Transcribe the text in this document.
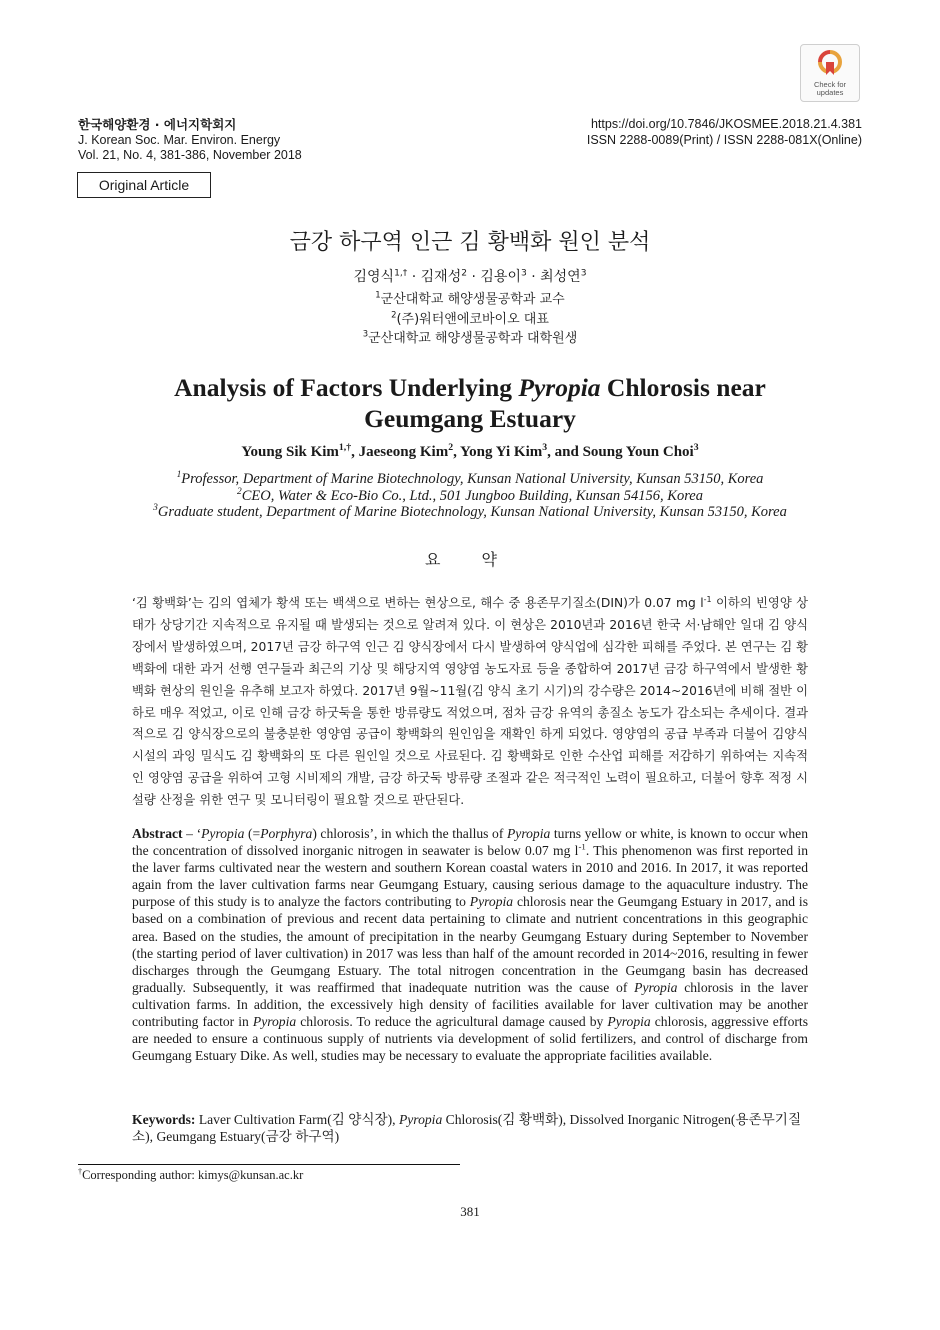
한국해양환경 · 에너지학회지
J. Korean Soc. Mar. Environ. Energy
Vol. 21, No. 4, 381-386, November 2018
https://doi.org/10.7846/JKOSMEE.2018.21.4.381
ISSN 2288-0089(Print) / ISSN 2288-081X(Online)
Check for
updates
Original Article
금강 하구역 인근 김 황백화 원인 분석
김영식$^{1,\dagger}$ · 김재성$^2$ · 김용이$^3$ · 최성연$^3$
$^1$군산대학교 해양생물공학과 교수
$^2$(주)워터앤에코바이오 대표
$^3$군산대학교 해양생물공학과 대학원생
Analysis of Factors Underlying Pyropia Chlorosis near
Geumgang Estuary
Young Sik Kim$^{1,\dagger}$, Jaeseong Kim$^2$, Yong Yi Kim$^3$, and Soung Youn Choi$^3$
$^1$Professor, Department of Marine Biotechnology, Kunsan National University, Kunsan 53150, Korea
$^2$CEO, Water & Eco-Bio Co., Ltd., 501 Jungboo Building, Kunsan 54156, Korea
$^3$Graduate student, Department of Marine Biotechnology, Kunsan National University, Kunsan 53150, Korea
요 약
‘김 황백화’는 김의 엽체가 황색 또는 백색으로 변하는 현상으로, 해수 중 용존무기질소(DIN)가 0.07 mg $l^{-1}$ 이하의 빈영양 상태가 상당기간 지속적으로 유지될 때 발생되는 것으로 알려져 있다. 이 현상은 2010년과 2016년 한국 서·남해안 일대 김 양식장에서 발생하였으며, 2017년 금강 하구역 인근 김 양식장에서 다시 발생하여 양식업에 심각한 피해를 주었다. 본 연구는 김 황백화에 대한 과거 선행 연구들과 최근의 기상 및 해당지역 영양염 농도자료 등을 종합하여 2017년 금강 하구역에서 발생한 황백화 현상의 원인을 유추해 보고자 하였다. 2017년 9월~11월(김 양식 초기 시기)의 강수량은 2014~2016년에 비해 절반 이하로 매우 적었고, 이로 인해 금강 하굿둑을 통한 방류량도 적었으며, 점차 금강 유역의 총질소 농도가 감소되는 추세이다. 결과적으로 김 양식장으로의 불충분한 영양염 공급이 황백화의 원인임을 재확인 하게 되었다. 영양염의 공급 부족과 더불어 김양식 시설의 과잉 밀식도 김 황백화의 또 다른 원인일 것으로 사료된다. 김 황백화로 인한 수산업 피해를 저감하기 위하여는 지속적인 영양염 공급을 위하여 고형 시비제의 개발, 금강 하굿둑 방류량 조절과 같은 적극적인 노력이 필요하고, 더불어 향후 적정 시설량 산정을 위한 연구 및 모니터링이 필요할 것으로 판단된다.
Abstract – ‘Pyropia (=Porphyra) chlorosis’, in which the thallus of Pyropia turns yellow or white, is known to occur when the concentration of dissolved inorganic nitrogen in seawater is below 0.07 mg $l^{-1}$. This phenomenon was first reported in the laver farms cultivated near the western and southern Korean coastal waters in 2010 and 2016. In 2017, it was reported again from the laver cultivation farms near Geumgang Estuary, causing serious damage to the aquaculture industry. The purpose of this study is to analyze the factors contributing to Pyropia chlorosis near the Geumgang Estuary in 2017, and is based on a combination of previous and recent data pertaining to climate and nutrient concentrations in this geographic area. Based on the studies, the amount of precipitation in the nearby Geumgang Estuary during September to November (the starting period of laver cultivation) in 2017 was less than half of the amount recorded in 2014~2016, resulting in fewer discharges through the Geumgang Estuary. The total nitrogen concentration in the Geumgang basin has decreased gradually. Subsequently, it was reaffirmed that inadequate nutrition was the cause of Pyropia chlorosis in the laver cultivation farms. In addition, the excessively high density of facilities available for laver cultivation may be another contributing factor in Pyropia chlorosis. To reduce the agricultural damage caused by Pyropia chlorosis, aggressive efforts are needed to ensure a continuous supply of nutrients via development of solid fertilizers, and control of discharge from Geumgang Estuary Dike. As well, studies may be necessary to evaluate the appropriate facilities available.
Keywords: Laver Cultivation Farm(김 양식장), Pyropia Chlorosis(김 황백화), Dissolved Inorganic Nitrogen(용존무기질소), Geumgang Estuary(금강 하구역)
†Corresponding author: kimys@kunsan.ac.kr
381
